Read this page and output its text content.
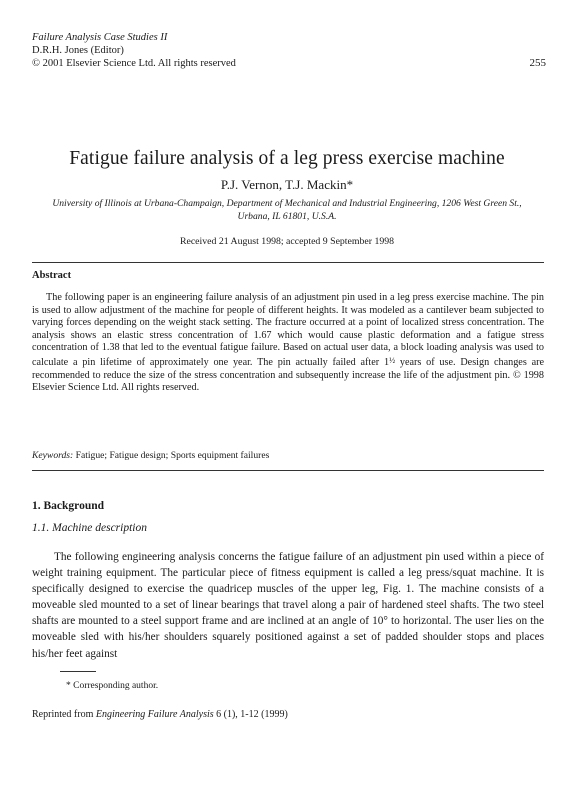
Failure Analysis Case Studies II
D.R.H. Jones (Editor)
© 2001 Elsevier Science Ltd. All rights reserved	255
Fatigue failure analysis of a leg press exercise machine
P.J. Vernon, T.J. Mackin*
University of Illinois at Urbana-Champaign, Department of Mechanical and Industrial Engineering, 1206 West Green St.,
Urbana, IL 61801, U.S.A.
Received 21 August 1998; accepted 9 September 1998
Abstract

The following paper is an engineering failure analysis of an adjustment pin used in a leg press exercise machine. The pin is used to allow adjustment of the machine for people of different heights. It was modeled as a cantilever beam subjected to varying forces depending on the weight stack setting. The fracture occurred at a point of localized stress concentration. The analysis shows an elastic stress concentration of 1.67 which would cause plastic deformation and a fatigue stress concentration of 1.38 that led to the eventual fatigue failure. Based on actual user data, a block loading analysis was used to calculate a pin lifetime of approximately one year. The pin actually failed after 1½ years of use. Design changes are recommended to reduce the size of the stress concentration and subsequently increase the life of the adjustment pin. © 1998 Elsevier Science Ltd. All rights reserved.

Keywords: Fatigue; Fatigue design; Sports equipment failures
1. Background
1.1. Machine description

The following engineering analysis concerns the fatigue failure of an adjustment pin used within a piece of weight training equipment. The particular piece of fitness equipment is called a leg press/squat machine. It is specifically designed to exercise the quadricep muscles of the upper leg, Fig. 1. The machine consists of a moveable sled mounted to a set of linear bearings that travel along a pair of hardened steel shafts. The two steel shafts are mounted to a steel support frame and are inclined at an angle of 10° to horizontal. The user lies on the moveable sled with his/her shoulders squarely positioned against a set of padded shoulder stops and places his/her feet against

* Corresponding author.
Reprinted from Engineering Failure Analysis 6 (1), 1-12 (1999)
